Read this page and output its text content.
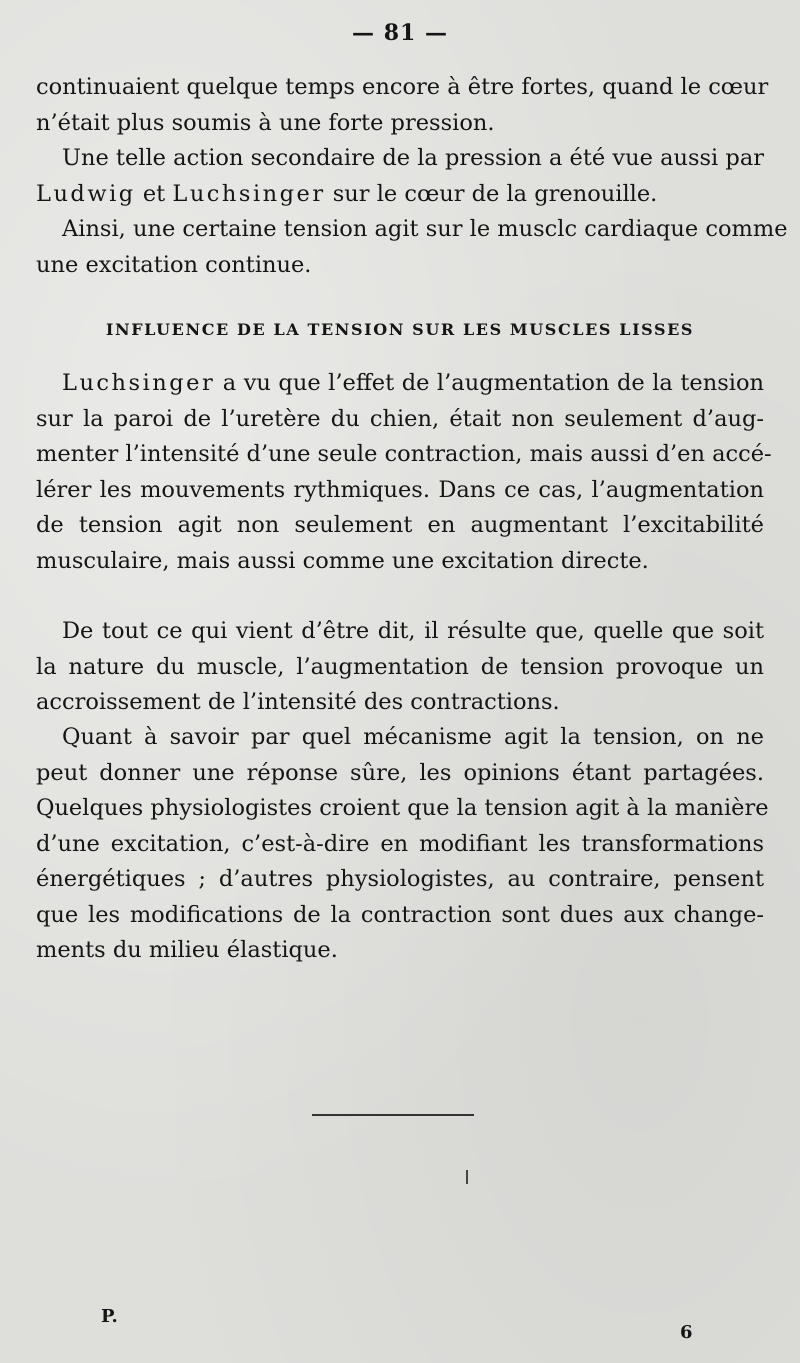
— 81 —

continuaient quelque temps encore à être fortes, quand le cœur
n’était plus soumis à une forte pression.

Une telle action secondaire de la pression a été vue aussi par
Ludwig et Luchsinger sur le cœur de la grenouille.

Ainsi, une certaine tension agit sur le musclc cardiaque comme
une excitation continue.

INFLUENCE DE LA TENSION SUR LES MUSCLES LISSES

Luchsinger a vu que l’effet de l’augmentation de la tension
sur la paroi de l’uretère du chien, était non seulement d’aug-
menter l’intensité d’une seule contraction, mais aussi d’en accé-
lérer les mouvements rythmiques. Dans ce cas, l’augmentation
de tension agit non seulement en augmentant l’excitabilité
musculaire, mais aussi comme une excitation directe.

De tout ce qui vient d’être dit, il résulte que, quelle que soit
la nature du muscle, l’augmentation de tension provoque un
accroissement de l’intensité des contractions.

Quant à savoir par quel mécanisme agit la tension, on ne
peut donner une réponse sûre, les opinions étant partagées.
Quelques physiologistes croient que la tension agit à la manière
d’une excitation, c’est-à-dire en modifiant les transformations
énergétiques ; d’autres physiologistes, au contraire, pensent
que les modifications de la contraction sont dues aux change-
ments du milieu élastique.

P.
6
